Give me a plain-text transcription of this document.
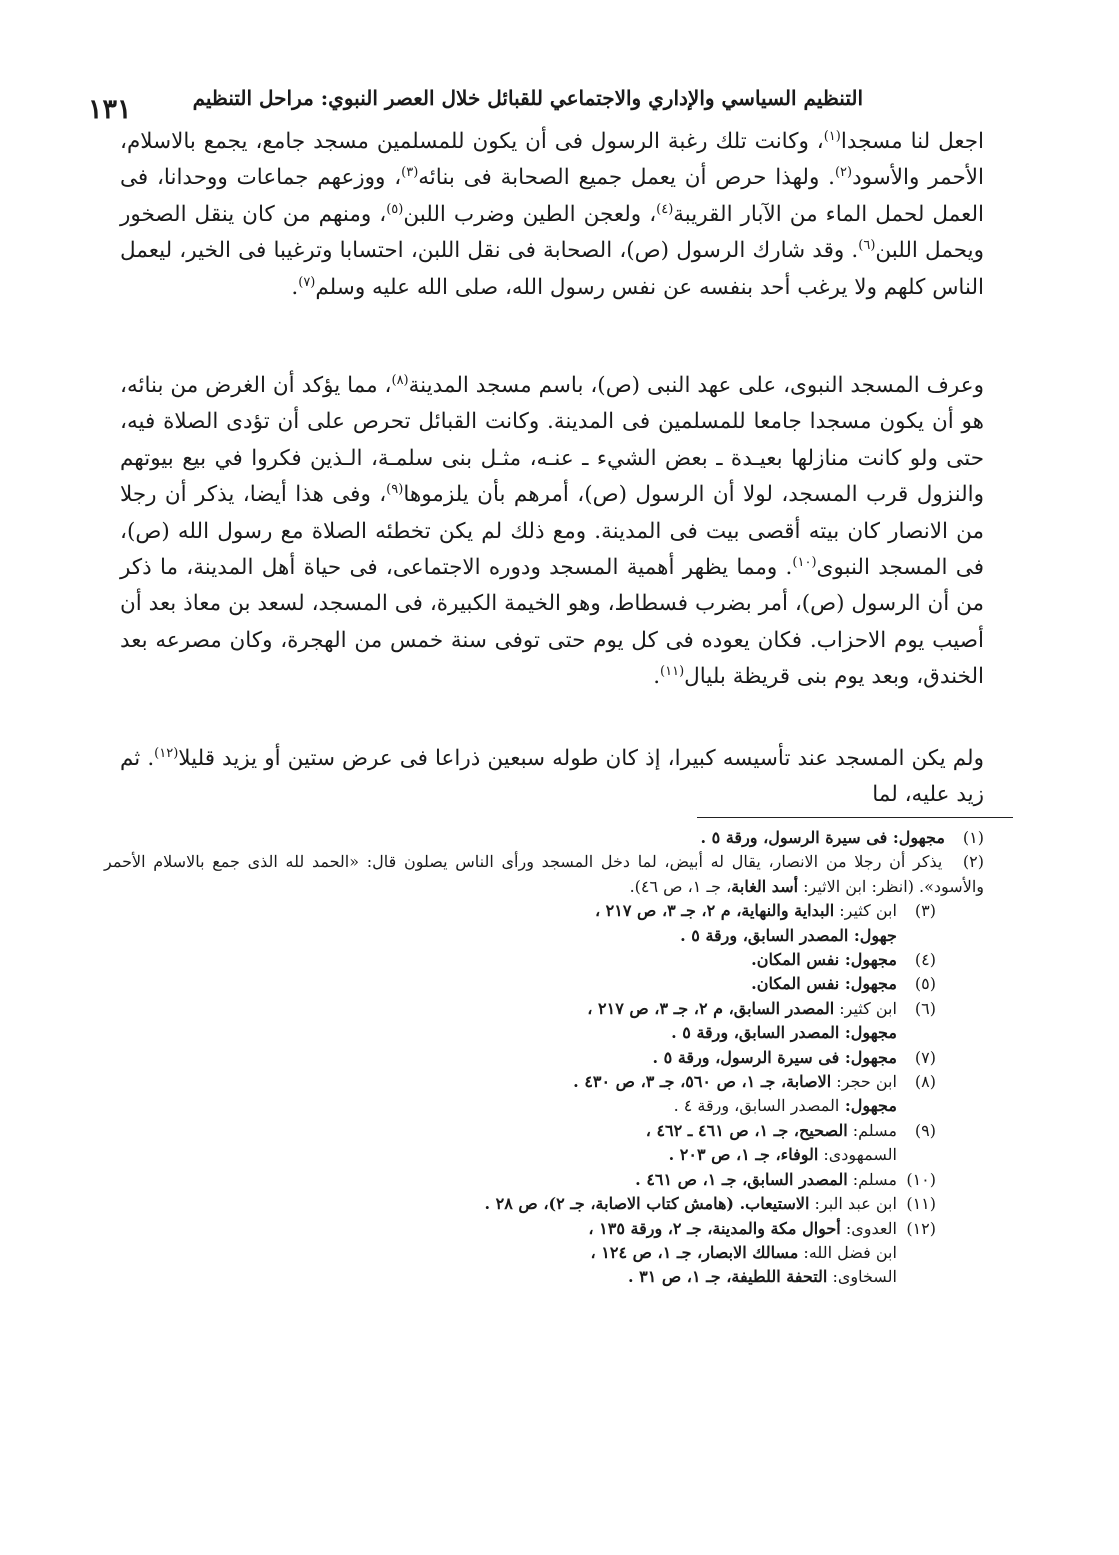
١٣١	التنظيم السياسي والإداري والاجتماعي للقبائل خلال العصر النبوي: مراحل التنظيم

اجعل لنا مسجدا$^{(١)}$، وكانت تلك رغبة الرسول فى أن يكون للمسلمين مسجد جامع، يجمع بالاسلام، الأحمر والأسود$^{(٢)}$. ولهذا حرص أن يعمل جميع الصحابة فى بنائه$^{(٣)}$، ووزعهم جماعات ووحدانا، فى العمل لحمل الماء من الآبار القريبة$^{(٤)}$، ولعجن الطين وضرب اللبن$^{(٥)}$، ومنهم من كان ينقل الصخور ويحمل اللبن$^{(٦)}$. وقد شارك الرسول (ص)، الصحابة فى نقل اللبن، احتسابا وترغيبا فى الخير، ليعمل الناس كلهم ولا يرغب أحد بنفسه عن نفس رسول الله، صلى الله عليه وسلم$^{(٧)}$.

وعرف المسجد النبوى، على عهد النبى (ص)، باسم مسجد المدينة$^{(٨)}$، مما يؤكد أن الغرض من بنائه، هو أن يكون مسجدا جامعا للمسلمين فى المدينة. وكانت القبائل تحرص على أن تؤدى الصلاة فيه، حتى ولو كانت منازلها بعيـدة ـ بعض الشيء ـ عنـه، مثـل بنى سلمـة، الـذين فكروا في بيع بيوتهم والنزول قرب المسجد، لولا أن الرسول (ص)، أمرهم بأن يلزموها$^{(٩)}$، وفى هذا أيضا، يذكر أن رجلا من الانصار كان بيته أقصى بيت فى المدينة. ومع ذلك لم يكن تخطئه الصلاة مع رسول الله (ص)، فى المسجد النبوى$^{(١٠)}$. ومما يظهر أهمية المسجد ودوره الاجتماعى، فى حياة أهل المدينة، ما ذكر من أن الرسول (ص)، أمر بضرب فسطاط، وهو الخيمة الكبيرة، فى المسجد، لسعد بن معاذ بعد أن أصيب يوم الاحزاب. فكان يعوده فى كل يوم حتى توفى سنة خمس من الهجرة، وكان مصرعه بعد الخندق، وبعد يوم بنى قريظة بليال$^{(١١)}$.

ولم يكن المسجد عند تأسيسه كبيرا، إذ كان طوله سبعين ذراعا فى عرض ستين أو يزيد قليلا$^{(١٢)}$. ثم زيد عليه، لما

(١) مجهول: فى سيرة الرسول، ورقة ٥ .
(٢) يذكر أن رجلا من الانصار، يقال له أبيض، لما دخل المسجد ورأى الناس يصلون قال: «الحمد لله الذى جمع بالاسلام الأحمر والأسود». (انظر: ابن الاثير: أسد الغابة، جـ ١، ص ٤٦).
(٣) ابن كثير: البداية والنهاية، م ٢، جـ ٣، ص ٢١٧ ،
جهول: المصدر السابق، ورقة ٥ .
(٤) مجهول: نفس المكان.
(٥) مجهول: نفس المكان.
(٦) ابن كثير: المصدر السابق، م ٢، جـ ٣، ص ٢١٧ ،
مجهول: المصدر السابق، ورقة ٥ .
(٧) مجهول: فى سيرة الرسول، ورقة ٥ .
(٨) ابن حجر: الاصابة، جـ ١، ص ٥٦٠، جـ ٣، ص ٤٣٠ .
مجهول: المصدر السابق، ورقة ٤ .
(٩) مسلم: الصحيح، جـ ١، ص ٤٦١ ـ ٤٦٢ ،
السمهودى: الوفاء، جـ ١، ص ٢٠٣ .
(١٠) مسلم: المصدر السابق، جـ ١، ص ٤٦١ .
(١١) ابن عبد البر: الاستيعاب. (هامش كتاب الاصابة، جـ ٢)، ص ٢٨ .
(١٢) العدوى: أحوال مكة والمدينة، جـ ٢، ورقة ١٣٥ ،
ابن فضل الله: مسالك الابصار، جـ ١، ص ١٢٤ ،
السخاوى: التحفة اللطيفة، جـ ١، ص ٣١ .
